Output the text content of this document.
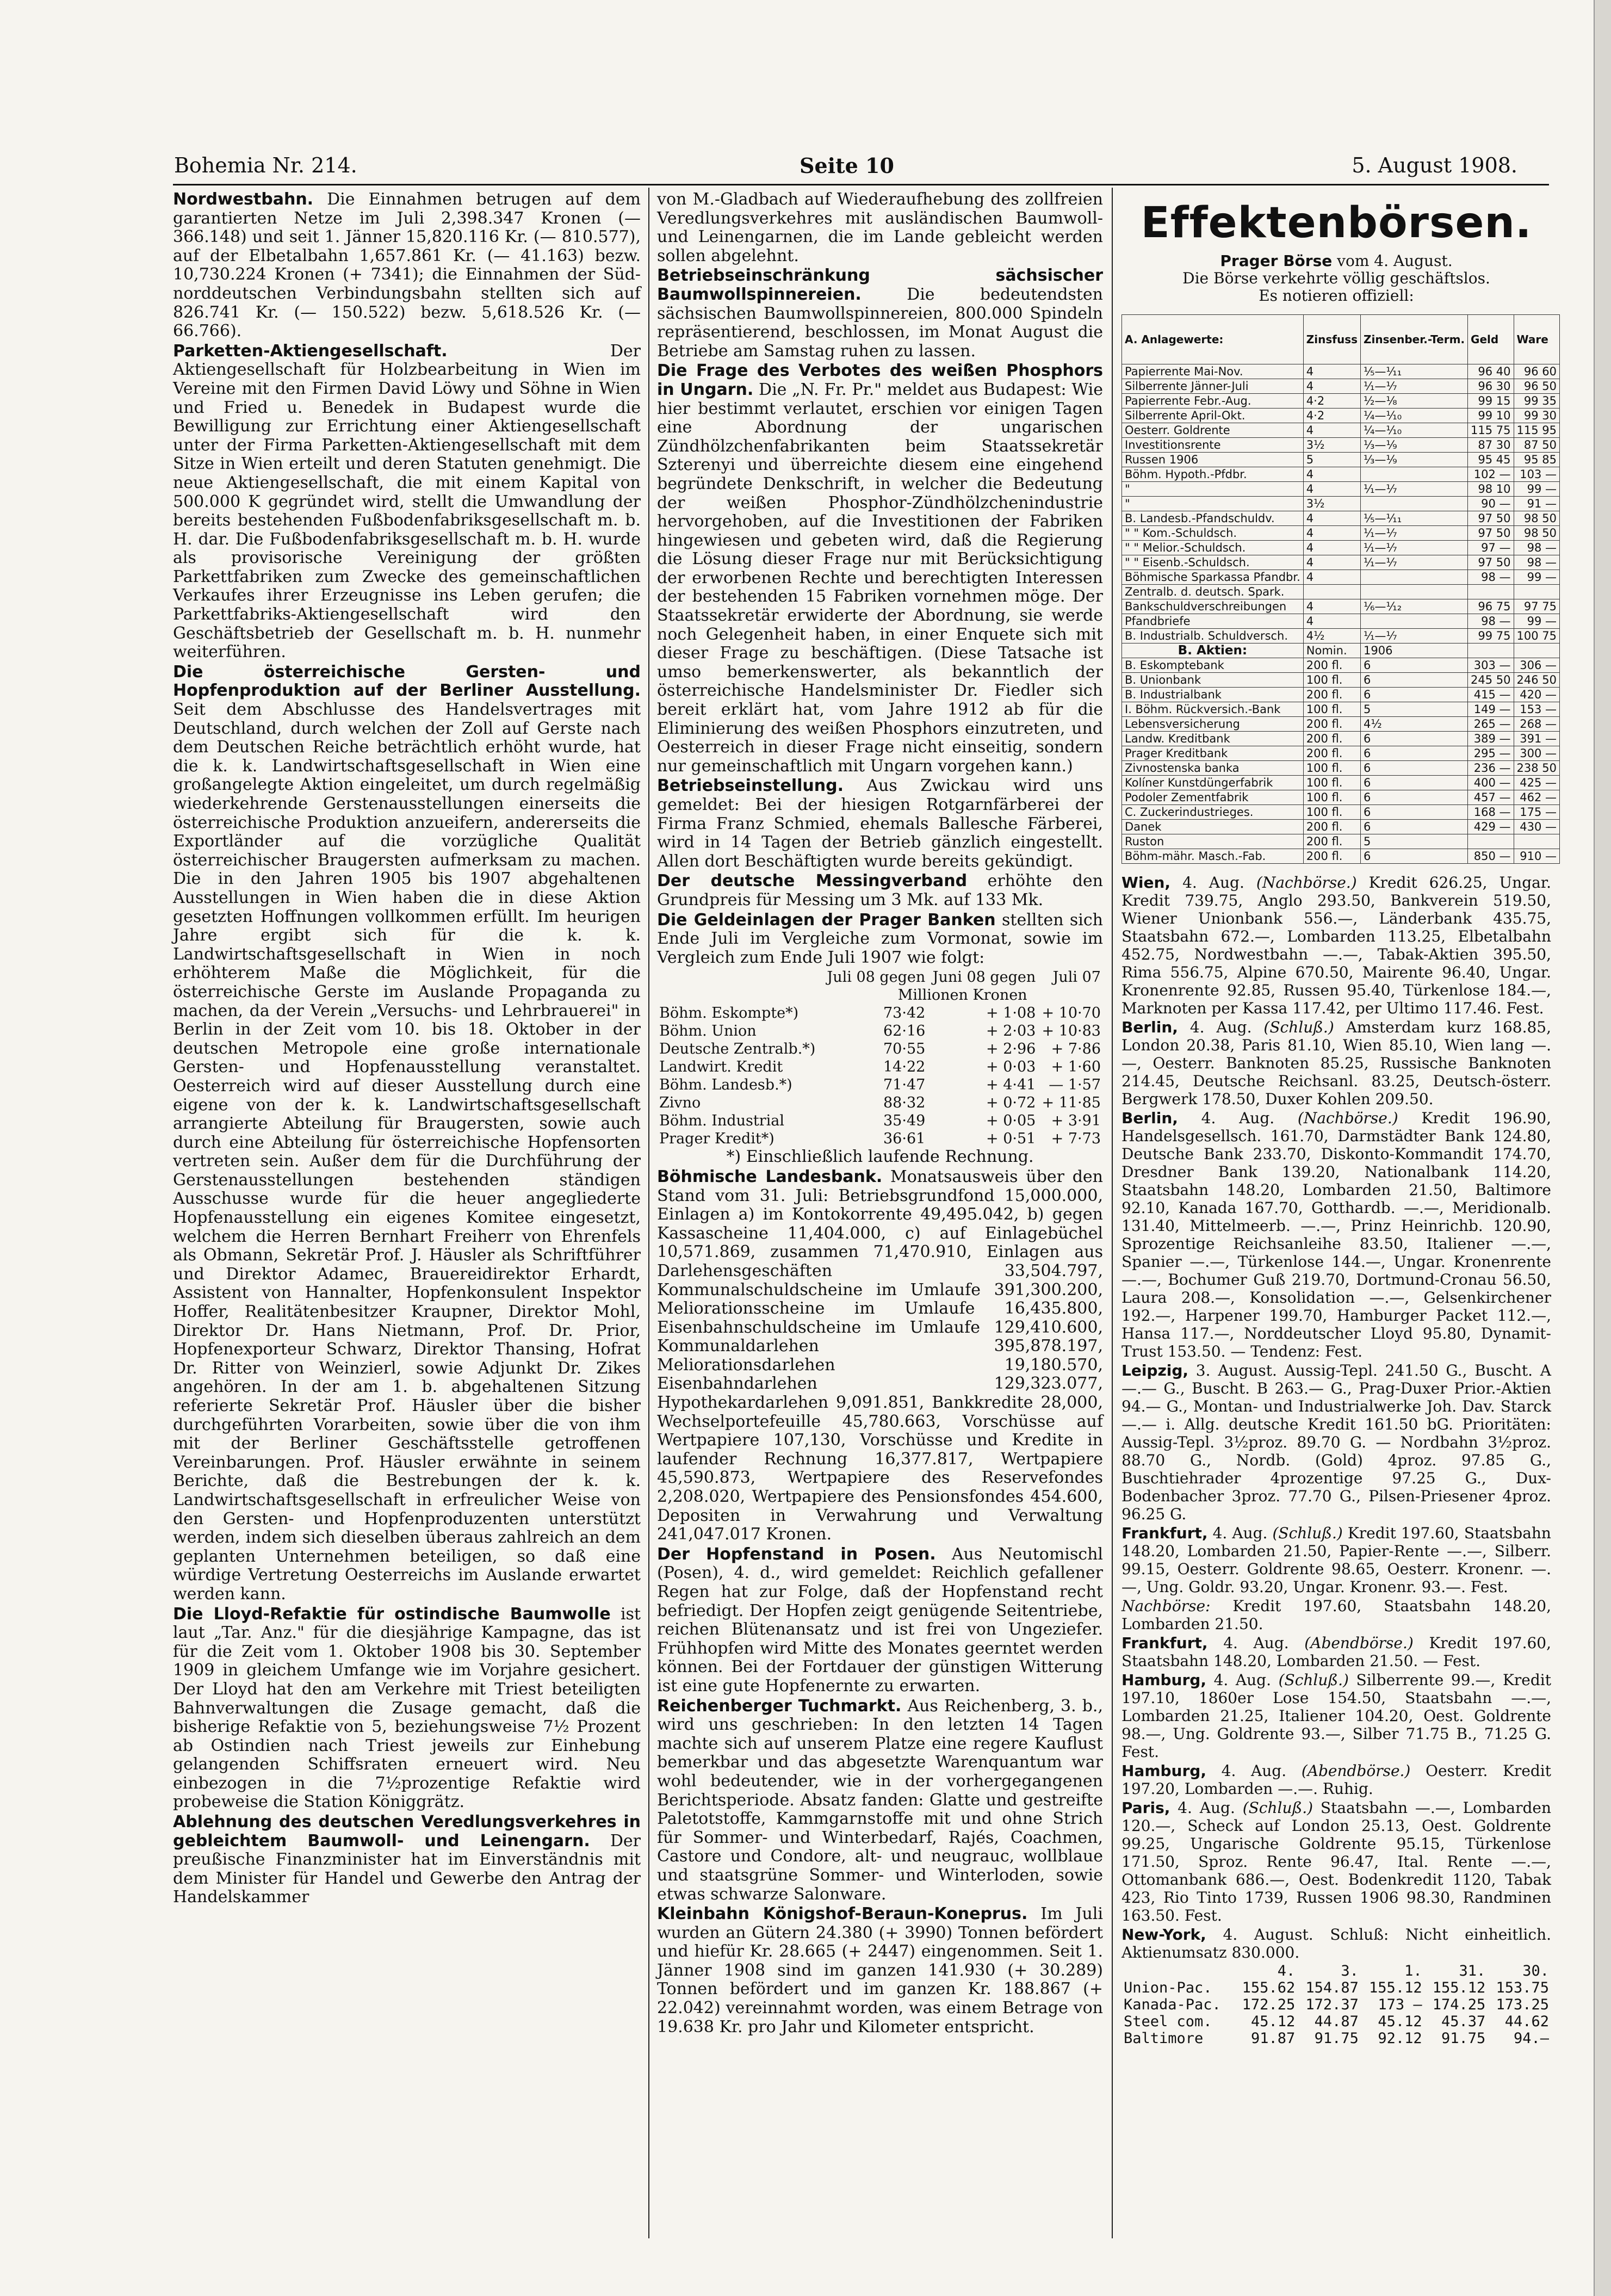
Bohemia Nr. 214.	Seite 10	5. August 1908.

Nordwestbahn. Die Einnahmen betrugen auf dem garantierten Netze im Juli 2,398.347 Kronen (— 366.148) und seit 1. Jänner 15,820.116 Kr. (— 810.577), auf der Elbetalbahn 1,657.861 Kr. (— 41.163) bezw. 10,730.224 Kronen (+ 7341); die Einnahmen der Südnorddeutschen Verbindungsbahn stellten sich auf 826.741 Kr. (— 150.522) bezw. 5,618.526 Kr. (— 66.766).

Parketten-Aktiengesellschaft.	Der Aktiengesellschaft für Holzbearbeitung in Wien im Vereine mit den Firmen David Löwy und Söhne in Wien und Fried u. Benedek in Budapest wurde die Bewilligung zur Errichtung einer Aktiengesellschaft unter der Firma Parketten-Aktiengesellschaft mit dem Sitze in Wien erteilt und deren Statuten genehmigt. Die neue Aktiengesellschaft, die mit einem Kapital von 500.000 K gegründet wird, stellt die Umwandlung der bereits bestehenden Fußbodenfabriksgesellschaft m. b. H. dar. Die Fußbodenfabriksgesellschaft m. b. H. wurde als provisorische Vereinigung der größten Parkettfabriken zum Zwecke des gemeinschaftlichen Verkaufes ihrer Erzeugnisse ins Leben gerufen; die Parkettfabriks-Aktiengesellschaft wird den Geschäftsbetrieb der Gesellschaft m. b. H. nunmehr weiterführen.

Die österreichische Gersten- und Hopfenproduktion auf der Berliner Ausstellung. Seit dem Abschlusse des Handelsvertrages mit Deutschland, durch welchen der Zoll auf Gerste nach dem Deutschen Reiche beträchtlich erhöht wurde, hat die k. k. Landwirtschaftsgesellschaft in Wien eine großangelegte Aktion eingeleitet, um durch regelmäßig wiederkehrende Gerstenausstellungen einerseits die österreichische Produktion anzueifern, andererseits die Exportländer auf die vorzügliche Qualität österreichischer Braugersten aufmerksam zu machen. Die in den Jahren 1905 bis 1907 abgehaltenen Ausstellungen in Wien haben die in diese Aktion gesetzten Hoffnungen vollkommen erfüllt. Im heurigen Jahre ergibt sich für die k. k. Landwirtschaftsgesellschaft in Wien in noch erhöhterem Maße die Möglichkeit, für die österreichische Gerste im Auslande Propaganda zu machen, da der Verein „Versuchs- und Lehrbrauerei" in Berlin in der Zeit vom 10. bis 18. Oktober in der deutschen Metropole eine große internationale Gersten- und Hopfenausstellung veranstaltet. Oesterreich wird auf dieser Ausstellung durch eine eigene von der k. k. Landwirtschaftsgesellschaft arrangierte Abteilung für Braugersten, sowie auch durch eine Abteilung für österreichische Hopfensorten vertreten sein. Außer dem für die Durchführung der Gerstenausstellungen bestehenden ständigen Ausschusse wurde für die heuer angegliederte Hopfenausstellung ein eigenes Komitee eingesetzt, welchem die Herren Bernhart Freiherr von Ehrenfels als Obmann, Sekretär Prof. J. Häusler als Schriftführer und Direktor Adamec, Brauereidirektor Erhardt, Assistent von Hannalter, Hopfenkonsulent Inspektor Hoffer, Realitätenbesitzer Kraupner, Direktor Mohl, Direktor Dr. Hans Nietmann, Prof. Dr. Prior, Hopfenexporteur Schwarz, Direktor Thansing, Hofrat Dr. Ritter von Weinzierl, sowie Adjunkt Dr. Zikes angehören. In der am 1. b. abgehaltenen Sitzung referierte Sekretär Prof. Häusler über die bisher durchgeführten Vorarbeiten, sowie über die von ihm mit der Berliner Geschäftsstelle getroffenen Vereinbarungen. Prof. Häusler erwähnte in seinem Berichte, daß die Bestrebungen der k. k. Landwirtschaftsgesellschaft in erfreulicher Weise von den Gersten- und Hopfenproduzenten unterstützt werden, indem sich dieselben überaus zahlreich an dem geplanten Unternehmen beteiligen, so daß eine würdige Vertretung Oesterreichs im Auslande erwartet werden kann.

Die Lloyd-Refaktie für ostindische Baumwolle ist laut „Tar. Anz." für die diesjährige Kampagne, das ist für die Zeit vom 1. Oktober 1908 bis 30. September 1909 in gleichem Umfange wie im Vorjahre gesichert. Der Lloyd hat den am Verkehre mit Triest beteiligten Bahnverwaltungen die Zusage gemacht, daß die bisherige Refaktie von 5, beziehungsweise 7½ Prozent ab Ostindien nach Triest jeweils zur Einhebung gelangenden Schiffsraten erneuert wird. Neu einbezogen in die 7½prozentige Refaktie wird probeweise die Station Königgrätz.

Ablehnung des deutschen Veredlungsverkehres in gebleichtem Baumwoll- und Leinengarn. Der preußische Finanzminister hat im Einverständnis mit dem Minister für Handel und Gewerbe den Antrag der Handelskammer

von M.-Gladbach auf Wiederaufhebung des zollfreien Veredlungsverkehres mit ausländischen Baumwoll- und Leinengarnen, die im Lande gebleicht werden sollen abgelehnt.

Betriebseinschränkung sächsischer Baumwollspinnereien.	Die bedeutendsten sächsischen Baumwollspinnereien, 800.000 Spindeln repräsentierend, beschlossen, im Monat August die Betriebe am Samstag ruhen zu lassen.

Die Frage des Verbotes des weißen Phosphors in Ungarn. Die „N. Fr. Pr." meldet aus Budapest: Wie hier bestimmt verlautet, erschien vor einigen Tagen eine Abordnung der ungarischen Zündhölzchenfabrikanten beim Staatssekretär Szterenyi und überreichte diesem eine eingehend begründete Denkschrift, in welcher die Bedeutung der weißen Phosphor-Zündhölzchenindustrie hervorgehoben, auf die Investitionen der Fabriken hingewiesen und gebeten wird, daß die Regierung die Lösung dieser Frage nur mit Berücksichtigung der erworbenen Rechte und berechtigten Interessen der bestehenden 15 Fabriken vornehmen möge. Der Staatssekretär erwiderte der Abordnung, sie werde noch Gelegenheit haben, in einer Enquete sich mit dieser Frage zu beschäftigen. (Diese Tatsache ist umso bemerkenswerter, als bekanntlich der österreichische Handelsminister Dr. Fiedler sich bereit erklärt hat, vom Jahre 1912 ab für die Eliminierung des weißen Phosphors einzutreten, und Oesterreich in dieser Frage nicht einseitig, sondern nur gemeinschaftlich mit Ungarn vorgehen kann.)

Betriebseinstellung. Aus Zwickau wird uns gemeldet: Bei der hiesigen Rotgarnfärberei der Firma Franz Schmied, ehemals Ballesche Färberei, wird in 14 Tagen der Betrieb gänzlich eingestellt. Allen dort Beschäftigten wurde bereits gekündigt.

Der deutsche Messingverband erhöhte den Grundpreis für Messing um 3 Mk. auf 133 Mk.

Die Geldeinlagen der Prager Banken stellten sich Ende Juli im Vergleiche zum Vormonat, sowie im Vergleich zum Ende Juli 1907 wie folgt:

	Juli 08 gegen	Juni 08 gegen	Juli 07
	Millionen Kronen		
Böhm. Eskompte*)	73·42	+ 1·08	+ 10·70
Böhm. Union	62·16	+ 2·03	+ 10·83
Deutsche Zentralb.*)	70·55	+ 2·96	+ 7·86
Landwirt. Kredit	14·22	+ 0·03	+ 1·60
Böhm. Landesb.*)	71·47	+ 4·41	— 1·57
Zivno	88·32	+ 0·72	+ 11·85
Böhm. Industrial	35·49	+ 0·05	+ 3·91
Prager Kredit*)	36·61	+ 0·51	+ 7·73

*) Einschließlich laufende Rechnung.

Böhmische Landesbank. Monatsausweis über den Stand vom 31. Juli: Betriebsgrundfond 15,000.000, Einlagen a) im Kontokorrente 49,495.042, b) gegen Kassascheine 11,404.000, c) auf Einlagebüchel 10,571.869, zusammen 71,470.910, Einlagen aus Darlehensgeschäften 33,504.797, Kommunalschuldscheine im Umlaufe 391,300.200, Meliorationsscheine im Umlaufe 16,435.800, Eisenbahnschuldscheine im Umlaufe 129,410.600, Kommunaldarlehen 395,878.197, Meliorationsdarlehen 19,180.570, Eisenbahndarlehen 129,323.077, Hypothekardarlehen 9,091.851, Bankkredite 28,000, Wechselportefeuille 45,780.663, Vorschüsse auf Wertpapiere 107,130, Vorschüsse und Kredite in laufender Rechnung 16,377.817, Wertpapiere 45,590.873, Wertpapiere des Reservefondes 2,208.020, Wertpapiere des Pensionsfondes 454.600, Depositen in Verwahrung und Verwaltung 241,047.017 Kronen.

Der Hopfenstand in Posen. Aus Neutomischl (Posen), 4. d., wird gemeldet: Reichlich gefallener Regen hat zur Folge, daß der Hopfenstand recht befriedigt. Der Hopfen zeigt genügende Seitentriebe, reichen Blütenansatz und ist frei von Ungeziefer. Frühhopfen wird Mitte des Monates geerntet werden können. Bei der Fortdauer der günstigen Witterung ist eine gute Hopfenernte zu erwarten.

Reichenberger Tuchmarkt. Aus Reichenberg, 3. b., wird uns geschrieben: In den letzten 14 Tagen machte sich auf unserem Platze eine regere Kauflust bemerkbar und das abgesetzte Warenquantum war wohl bedeutender, wie in der vorhergegangenen Berichtsperiode. Absatz fanden: Glatte und gestreifte Paletotstoffe, Kammgarnstoffe mit und ohne Strich für Sommer- und Winterbedarf, Rajés, Coachmen, Castore und Condore, alt- und neugrauc, wollblaue und staatsgrüne Sommer- und Winterloden, sowie etwas schwarze Salonware.

Kleinbahn Königshof-Beraun-Koneprus. Im Juli wurden an Gütern 24.380 (+ 3990) Tonnen befördert und hiefür Kr. 28.665 (+ 2447) eingenommen. Seit 1. Jänner 1908 sind im ganzen 141.930 (+ 30.289) Tonnen befördert und im ganzen Kr. 188.867 (+ 22.042) vereinnahmt worden, was einem Betrage von 19.638 Kr. pro Jahr und Kilometer entspricht.

Effektenbörsen.
Prager Börse vom 4. August.
Die Börse verkehrte völlig geschäftslos.
Es notieren offiziell:
A. Anlagewerte:	Zinsfuss	Zinsenber.-Term.	Geld	Ware
Papierrente Mai-Nov.	4	⅟₅—⅟₁₁	96 40	96 60
Silberrente Jänner-Juli	4	⅟₁—⅟₇	96 30	96 50
Papierrente Febr.-Aug.	4·2	⅟₂—⅟₈	99 15	99 35
Silberrente April-Okt.	4·2	⅟₄—⅟₁₀	99 10	99 30
Oesterr. Goldrente	4	⅟₄—⅟₁₀	115 75	115 95
Investitionsrente	3½	⅟₃—⅟₉	87 30	87 50
Russen 1906	5	⅟₃—⅟₉	95 45	95 85
Böhm. Hypoth.-Pfdbr.	4		102 —	103 —
"	4	⅟₁—⅟₇	98 10	99 —
"	3½		90 —	91 —
B. Landesb.-Pfandschuldv.	4	⅟₅—⅟₁₁	97 50	98 50
" " Kom.-Schuldsch.	4	⅟₁—⅟₇	97 50	98 50
" " Melior.-Schuldsch.	4	⅟₁—⅟₇	97 —	98 —
" " Eisenb.-Schuldsch.	4	⅟₁—⅟₇	97 50	98 —
Böhmische Sparkassa Pfandbr.	4		98 —	99 —
Zentralb. d. deutsch. Spark.				
Bankschuldverschreibungen	4	⅟₆—⅟₁₂	96 75	97 75
Pfandbriefe	4		98 —	99 —
B. Industrialb. Schuldversch.	4½	⅟₁—⅟₇	99 75	100 75
B. Aktien:	Nomin.	1906		
B. Eskomptebank	200 fl.	6	303 —	306 —
B. Unionbank	100 fl.	6	245 50	246 50
B. Industrialbank	200 fl.	6	415 —	420 —
I. Böhm. Rückversich.-Bank	100 fl.	5	149 —	153 —
Lebensversicherung	200 fl.	4½	265 —	268 —
Landw. Kreditbank	200 fl.	6	389 —	391 —
Prager Kreditbank	200 fl.	6	295 —	300 —
Zivnostenska banka	100 fl.	6	236 —	238 50
Kolíner Kunstdüngerfabrik	100 fl.	6	400 —	425 —
Podoler Zementfabrik	100 fl.	6	457 —	462 —
C. Zuckerindustrieges.	100 fl.	6	168 —	175 —
Danek	200 fl.	6	429 —	430 —
Ruston	200 fl.	5		
Böhm-mähr. Masch.-Fab.	200 fl.	6	850 —	910 —

Wien, 4. Aug. (Nachbörse.) Kredit 626.25, Ungar. Kredit 739.75, Anglo 293.50, Bankverein 519.50, Wiener Unionbank 556.—, Länderbank 435.75, Staatsbahn 672.—, Lombarden 113.25, Elbetalbahn 452.75, Nordwestbahn —.—, Tabak-Aktien 395.50, Rima 556.75, Alpine 670.50, Mairente 96.40, Ungar. Kronenrente 92.85, Russen 95.40, Türkenlose 184.—, Marknoten per Kassa 117.42, per Ultimo 117.46. Fest.

Berlin, 4. Aug. (Schluß.) Amsterdam kurz 168.85, London 20.38, Paris 81.10, Wien 85.10, Wien lang —.—, Oesterr. Banknoten 85.25, Russische Banknoten 214.45, Deutsche Reichsanl. 83.25, Deutsch-österr. Bergwerk 178.50, Duxer Kohlen 209.50.

Berlin, 4. Aug. (Nachbörse.) Kredit 196.90, Handelsgesellsch. 161.70, Darmstädter Bank 124.80, Deutsche Bank 233.70, Diskonto-Kommandit 174.70, Dresdner Bank 139.20, Nationalbank 114.20, Staatsbahn 148.20, Lombarden 21.50, Baltimore 92.10, Kanada 167.70, Gotthardb. —.—, Meridionalb. 131.40, Mittelmeerb. —.—, Prinz Heinrichb. 120.90, Sprozentige Reichsanleihe 83.50, Italiener —.—, Spanier —.—, Türkenlose 144.—, Ungar. Kronenrente —.—, Bochumer Guß 219.70, Dortmund-Cronau 56.50, Laura 208.—, Konsolidation —.—, Gelsenkirchener 192.—, Harpener 199.70, Hamburger Packet 112.—, Hansa 117.—, Norddeutscher Lloyd 95.80, Dynamit-Trust 153.50. — Tendenz: Fest.

Leipzig, 3. August. Aussig-Tepl. 241.50 G., Buscht. A —.— G., Buscht. B 263.— G., Prag-Duxer Prior.-Aktien 94.— G., Montan- und Industrialwerke Joh. Dav. Starck —.— i. Allg. deutsche Kredit 161.50 bG. Prioritäten: Aussig-Tepl. 3½proz. 89.70 G. — Nordbahn 3½proz. 88.70 G., Nordb. (Gold) 4proz. 97.85 G., Buschtiehrader 4prozentige 97.25 G., Dux-Bodenbacher 3proz. 77.70 G., Pilsen-Priesener 4proz. 96.25 G.

Frankfurt, 4. Aug. (Schluß.) Kredit 197.60, Staatsbahn 148.20, Lombarden 21.50, Papier-Rente —.—, Silberr. 99.15, Oesterr. Goldrente 98.65, Oesterr. Kronenr. —.—, Ung. Goldr. 93.20, Ungar. Kronenr. 93.—. Fest.

Nachbörse: Kredit 197.60, Staatsbahn 148.20, Lombarden 21.50.

Frankfurt, 4. Aug. (Abendbörse.) Kredit 197.60, Staatsbahn 148.20, Lombarden 21.50. — Fest.

Hamburg, 4. Aug. (Schluß.) Silberrente 99.—, Kredit 197.10, 1860er Lose 154.50, Staatsbahn —.—, Lombarden 21.25, Italiener 104.20, Oest. Goldrente 98.—, Ung. Goldrente 93.—, Silber 71.75 B., 71.25 G. Fest.

Hamburg, 4. Aug. (Abendbörse.) Oesterr. Kredit 197.20, Lombarden —.—. Ruhig.

Paris, 4. Aug. (Schluß.) Staatsbahn —.—, Lombarden 120.—, Scheck auf London 25.13, Oest. Goldrente 99.25, Ungarische Goldrente 95.15, Türkenlose 171.50, Sproz. Rente 96.47, Ital. Rente —.—, Ottomanbank 686.—, Oest. Bodenkredit 1120, Tabak 423, Rio Tinto 1739, Russen 1906 98.30, Randminen 163.50. Fest.

New-York, 4. August. Schluß: Nicht einheitlich. Aktienumsatz 830.000.

	4.	3.	1.	31.	30.
Union-Pac.	155.62	154.87	155.12	155.12	153.75
Kanada-Pac.	172.25	172.37	173 —	174.25	173.25
Steel com.	45.12	44.87	45.12	45.37	44.62
Baltimore	91.87	91.75	92.12	91.75	94.—
